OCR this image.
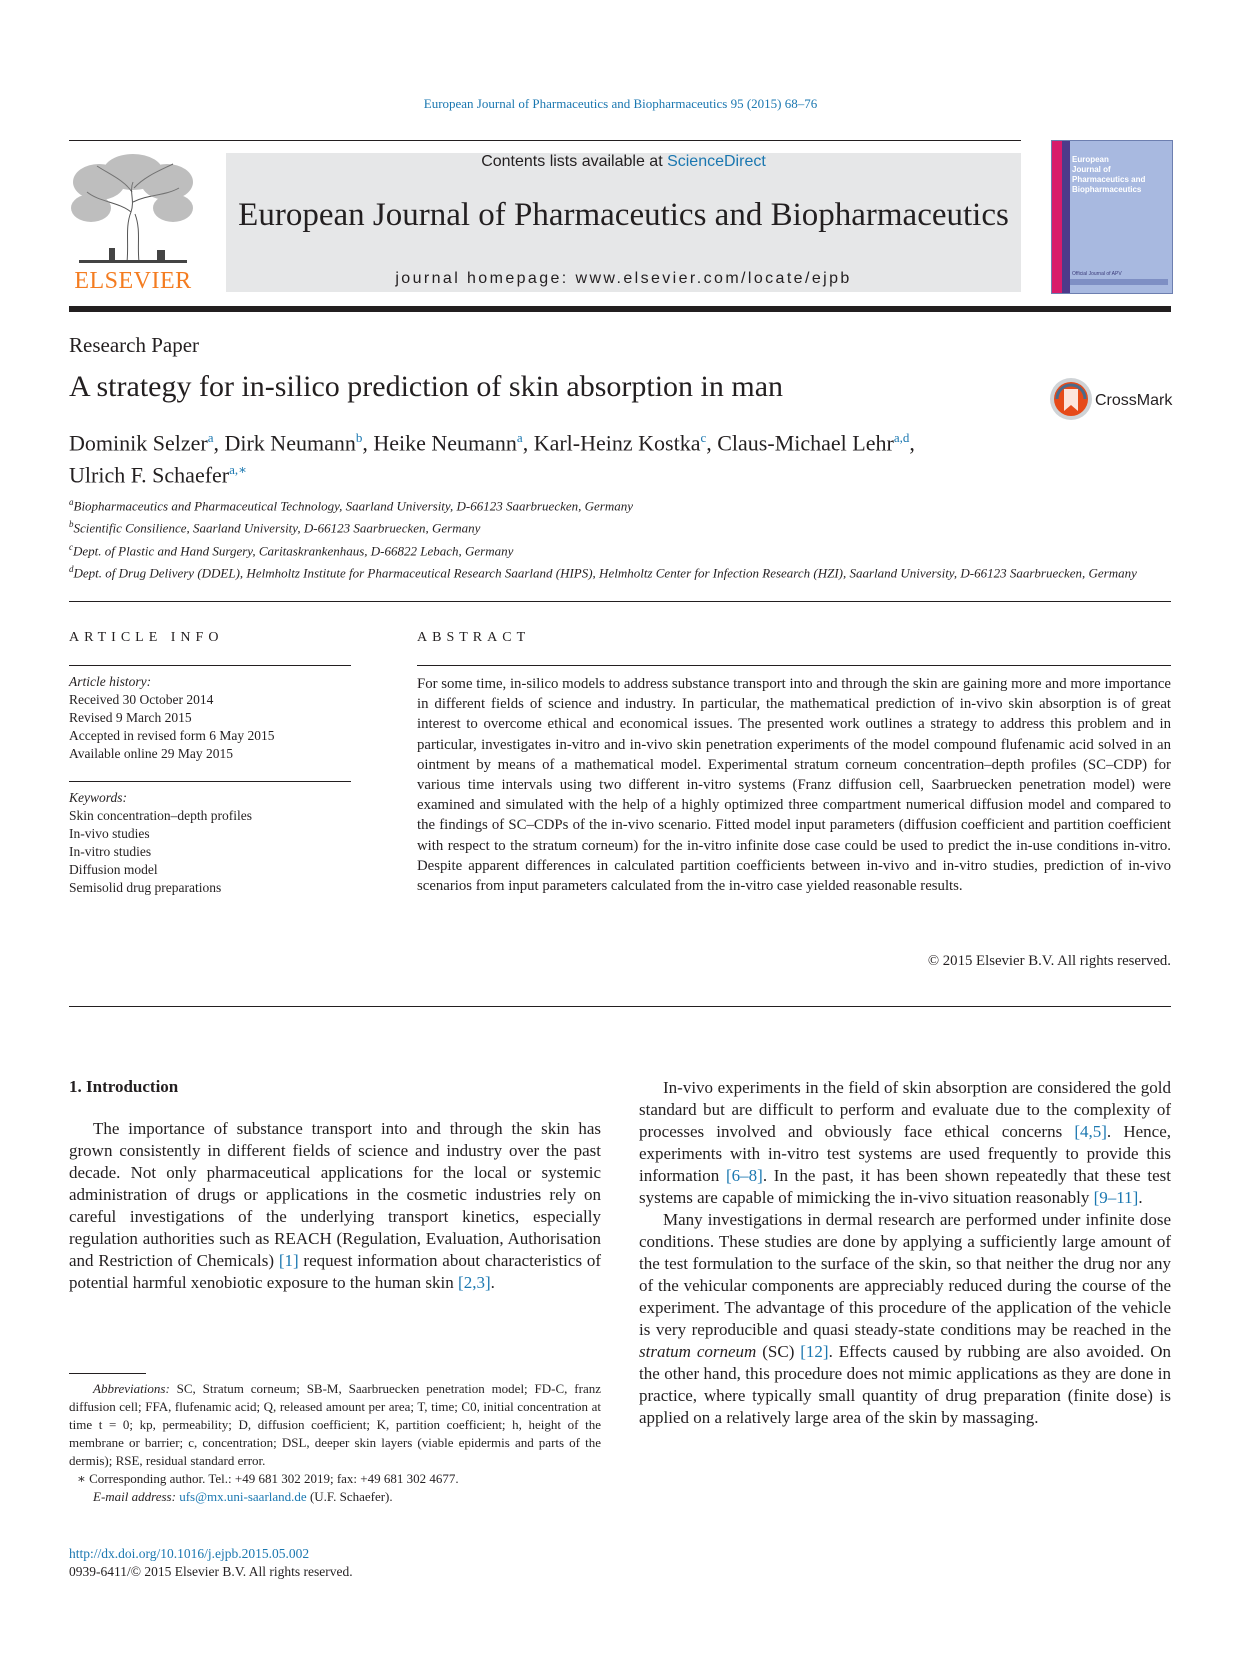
European Journal of Pharmaceutics and Biopharmaceutics 95 (2015) 68–76
ELSEVIER
Contents lists available at ScienceDirect
European Journal of Pharmaceutics and Biopharmaceutics
journal homepage: www.elsevier.com/locate/ejpb
European
Journal of
Pharmaceutics and
Biopharmaceutics
Official Journal of APV
Research Paper
A strategy for in-silico prediction of skin absorption in man	CrossMark
Dominik Selzer$^a$, Dirk Neumann$^b$, Heike Neumann$^a$, Karl-Heinz Kostka$^c$, Claus-Michael Lehr$^{a,d}$,
Ulrich F. Schaefer$^{a,∗}$
$^a$Biopharmaceutics and Pharmaceutical Technology, Saarland University, D-66123 Saarbruecken, Germany
$^b$Scientific Consilience, Saarland University, D-66123 Saarbruecken, Germany
$^c$Dept. of Plastic and Hand Surgery, Caritaskrankenhaus, D-66822 Lebach, Germany
$^d$Dept. of Drug Delivery (DDEL), Helmholtz Institute for Pharmaceutical Research Saarland (HIPS), Helmholtz Center for Infection Research (HZI), Saarland University, D-66123 Saarbruecken, Germany
ARTICLE INFO	ABSTRACT
Article history:
Received 30 October 2014
Revised 9 March 2015
Accepted in revised form 6 May 2015
Available online 29 May 2015
Keywords:
Skin concentration–depth profiles
In-vivo studies
In-vitro studies
Diffusion model
Semisolid drug preparations
For some time, in-silico models to address substance transport into and through the skin are gaining more and more importance in different fields of science and industry. In particular, the mathematical prediction of in-vivo skin absorption is of great interest to overcome ethical and economical issues. The presented work outlines a strategy to address this problem and in particular, investigates in-vitro and in-vivo skin penetration experiments of the model compound flufenamic acid solved in an ointment by means of a mathematical model. Experimental stratum corneum concentration–depth profiles (SC–CDP) for various time intervals using two different in-vitro systems (Franz diffusion cell, Saarbruecken penetration model) were examined and simulated with the help of a highly optimized three compartment numerical diffusion model and compared to the findings of SC–CDPs of the in-vivo scenario. Fitted model input parameters (diffusion coefficient and partition coefficient with respect to the stratum corneum) for the in-vitro infinite dose case could be used to predict the in-use conditions in-vitro. Despite apparent differences in calculated partition coefficients between in-vivo and in-vitro studies, prediction of in-vivo scenarios from input parameters calculated from the in-vitro case yielded reasonable results.
© 2015 Elsevier B.V. All rights reserved.
1. Introduction

The importance of substance transport into and through the skin has grown consistently in different fields of science and industry over the past decade. Not only pharmaceutical applications for the local or systemic administration of drugs or applications in the cosmetic industries rely on careful investigations of the underlying transport kinetics, especially regulation authorities such as REACH (Regulation, Evaluation, Authorisation and Restriction of Chemicals) [1] request information about characteristics of potential harmful xenobiotic exposure to the human skin [2,3].

In-vivo experiments in the field of skin absorption are considered the gold standard but are difficult to perform and evaluate due to the complexity of processes involved and obviously face ethical concerns [4,5]. Hence, experiments with in-vitro test systems are used frequently to provide this information [6–8]. In the past, it has been shown repeatedly that these test systems are capable of mimicking the in-vivo situation reasonably [9–11].

Many investigations in dermal research are performed under infinite dose conditions. These studies are done by applying a sufficiently large amount of the test formulation to the surface of the skin, so that neither the drug nor any of the vehicular components are appreciably reduced during the course of the experiment. The advantage of this procedure of the application of the vehicle is very reproducible and quasi steady-state conditions may be reached in the stratum corneum (SC) [12]. Effects caused by rubbing are also avoided. On the other hand, this procedure does not mimic applications as they are done in practice, where typically small quantity of drug preparation (finite dose) is applied on a relatively large area of the skin by massaging.

Abbreviations: SC, Stratum corneum; SB-M, Saarbruecken penetration model; FD-C, franz diffusion cell; FFA, flufenamic acid; Q, released amount per area; T, time; C0, initial concentration at time t = 0; kp, permeability; D, diffusion coefficient; K, partition coefficient; h, height of the membrane or barrier; c, concentration; DSL, deeper skin layers (viable epidermis and parts of the dermis); RSE, residual standard error.

∗ Corresponding author. Tel.: +49 681 302 2019; fax: +49 681 302 4677.

E-mail address: ufs@mx.uni-saarland.de (U.F. Schaefer).

http://dx.doi.org/10.1016/j.ejpb.2015.05.002
0939-6411/© 2015 Elsevier B.V. All rights reserved.
